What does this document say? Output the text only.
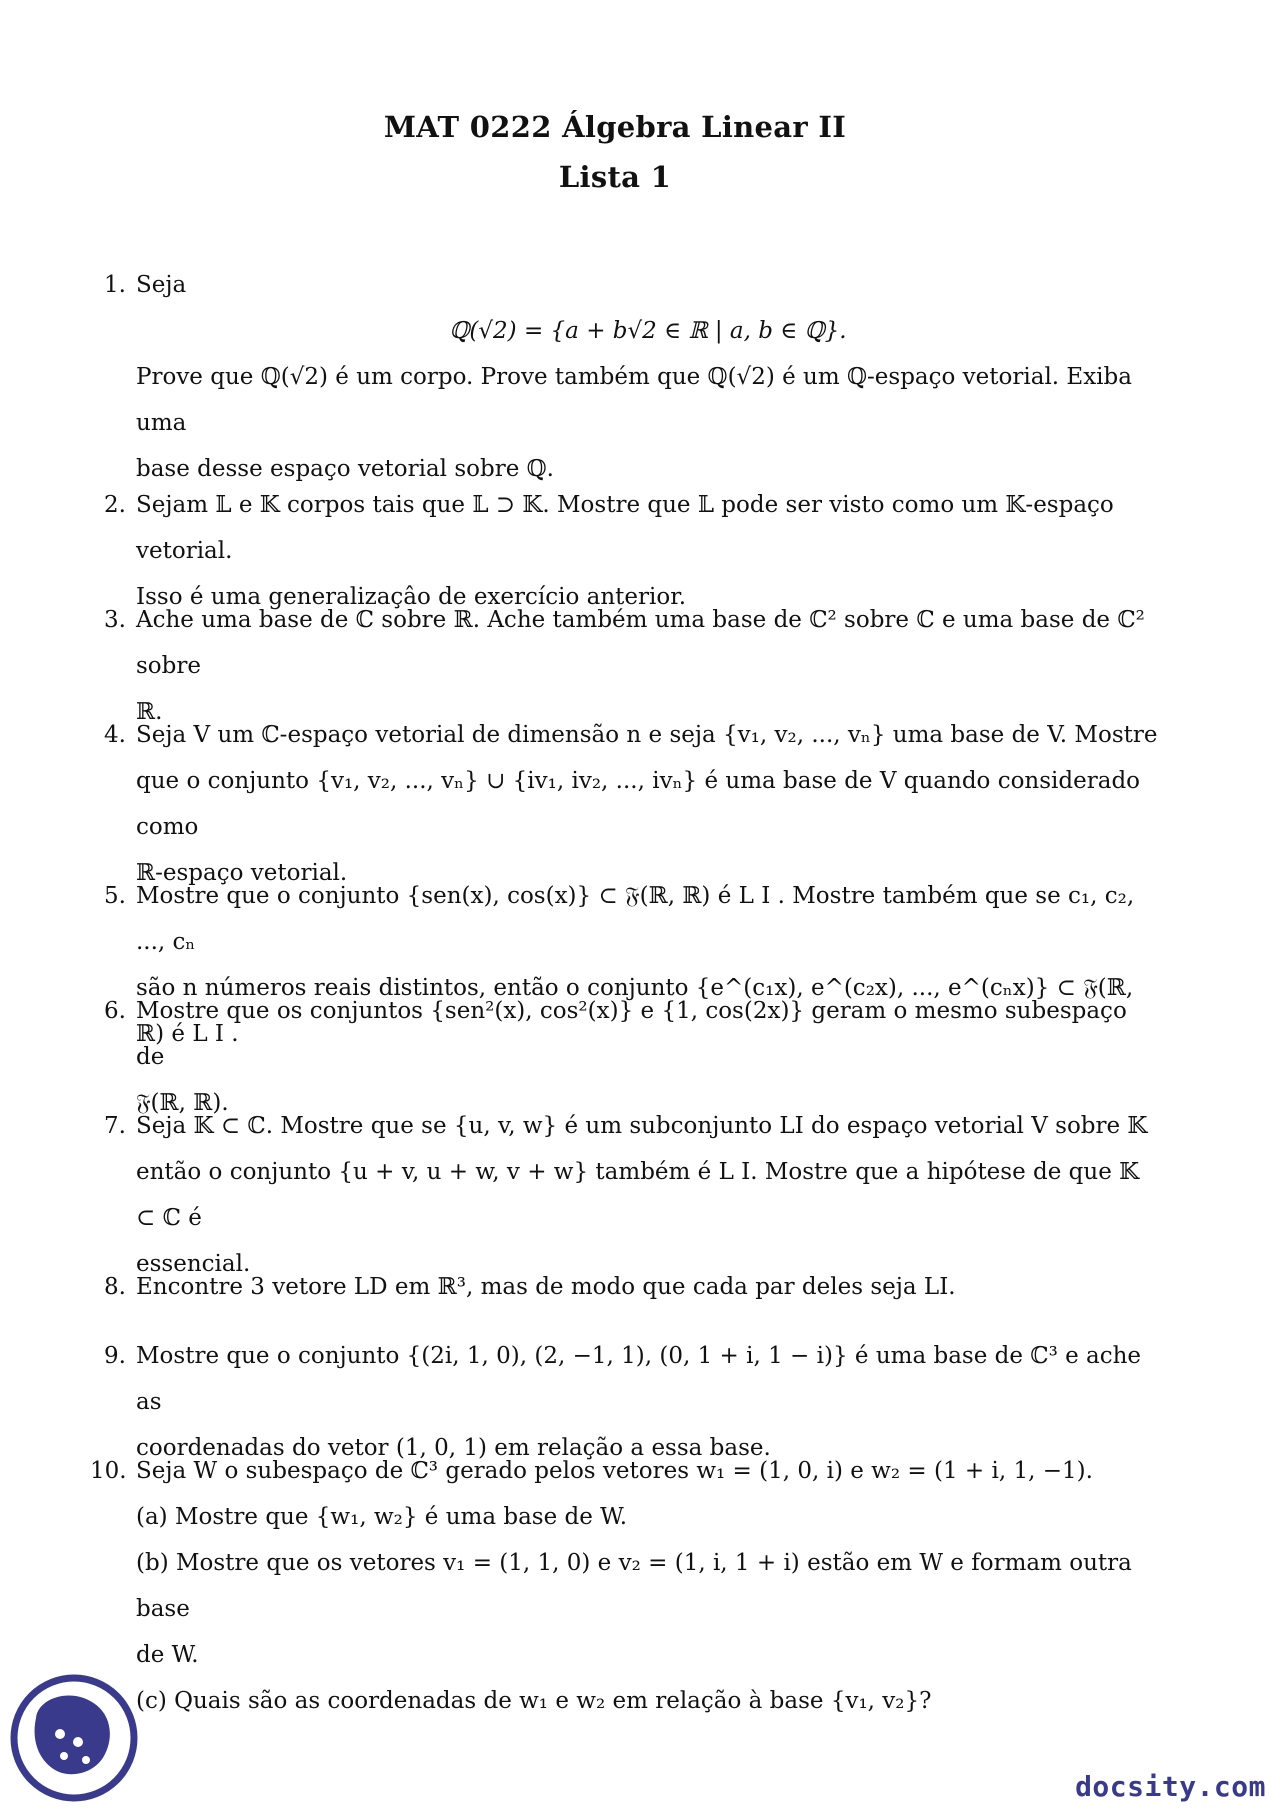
MAT 0222 Álgebra Linear II
Lista 1
1. Seja
ℚ(√2) = {a + b√2 ∈ ℝ | a, b ∈ ℚ}.
Prove que ℚ(√2) é um corpo. Prove também que ℚ(√2) é um ℚ-espaço vetorial. Exiba uma
base desse espaço vetorial sobre ℚ.
2. Sejam 𝕃 e 𝕂 corpos tais que 𝕃 ⊃ 𝕂. Mostre que 𝕃 pode ser visto como um 𝕂-espaço vetorial.
Isso é uma generalizaçâo de exercício anterior.
3. Ache uma base de ℂ sobre ℝ. Ache também uma base de ℂ² sobre ℂ e uma base de ℂ² sobre
ℝ.
4. Seja V um ℂ-espaço vetorial de dimensão n e seja {v₁, v₂, ..., vₙ} uma base de V. Mostre
que o conjunto {v₁, v₂, ..., vₙ} ∪ {iv₁, iv₂, ..., ivₙ} é uma base de V quando considerado como
ℝ-espaço vetorial.
5. Mostre que o conjunto {sen(x), cos(x)} ⊂ 𝔉(ℝ, ℝ) é L I . Mostre também que se c₁, c₂, ..., cₙ
são n números reais distintos, então o conjunto {e^(c₁x), e^(c₂x), ..., e^(cₙx)} ⊂ 𝔉(ℝ, ℝ) é L I .
6. Mostre que os conjuntos {sen²(x), cos²(x)} e {1, cos(2x)} geram o mesmo subespaço de
𝔉(ℝ, ℝ).
7. Seja 𝕂 ⊂ ℂ. Mostre que se {u, v, w} é um subconjunto LI do espaço vetorial V sobre 𝕂
então o conjunto {u + v, u + w, v + w} também é L I. Mostre que a hipótese de que 𝕂 ⊂ ℂ é
essencial.
8. Encontre 3 vetore LD em ℝ³, mas de modo que cada par deles seja LI.
9. Mostre que o conjunto {(2i, 1, 0), (2, −1, 1), (0, 1 + i, 1 − i)} é uma base de ℂ³ e ache as
coordenadas do vetor (1, 0, 1) em relação a essa base.
10. Seja W o subespaço de ℂ³ gerado pelos vetores w₁ = (1, 0, i) e w₂ = (1 + i, 1, −1).
(a) Mostre que {w₁, w₂} é uma base de W.
(b) Mostre que os vetores v₁ = (1, 1, 0) e v₂ = (1, i, 1 + i) estão em W e formam outra base
de W.
(c) Quais são as coordenadas de w₁ e w₂ em relação à base {v₁, v₂}?
docsity.com
